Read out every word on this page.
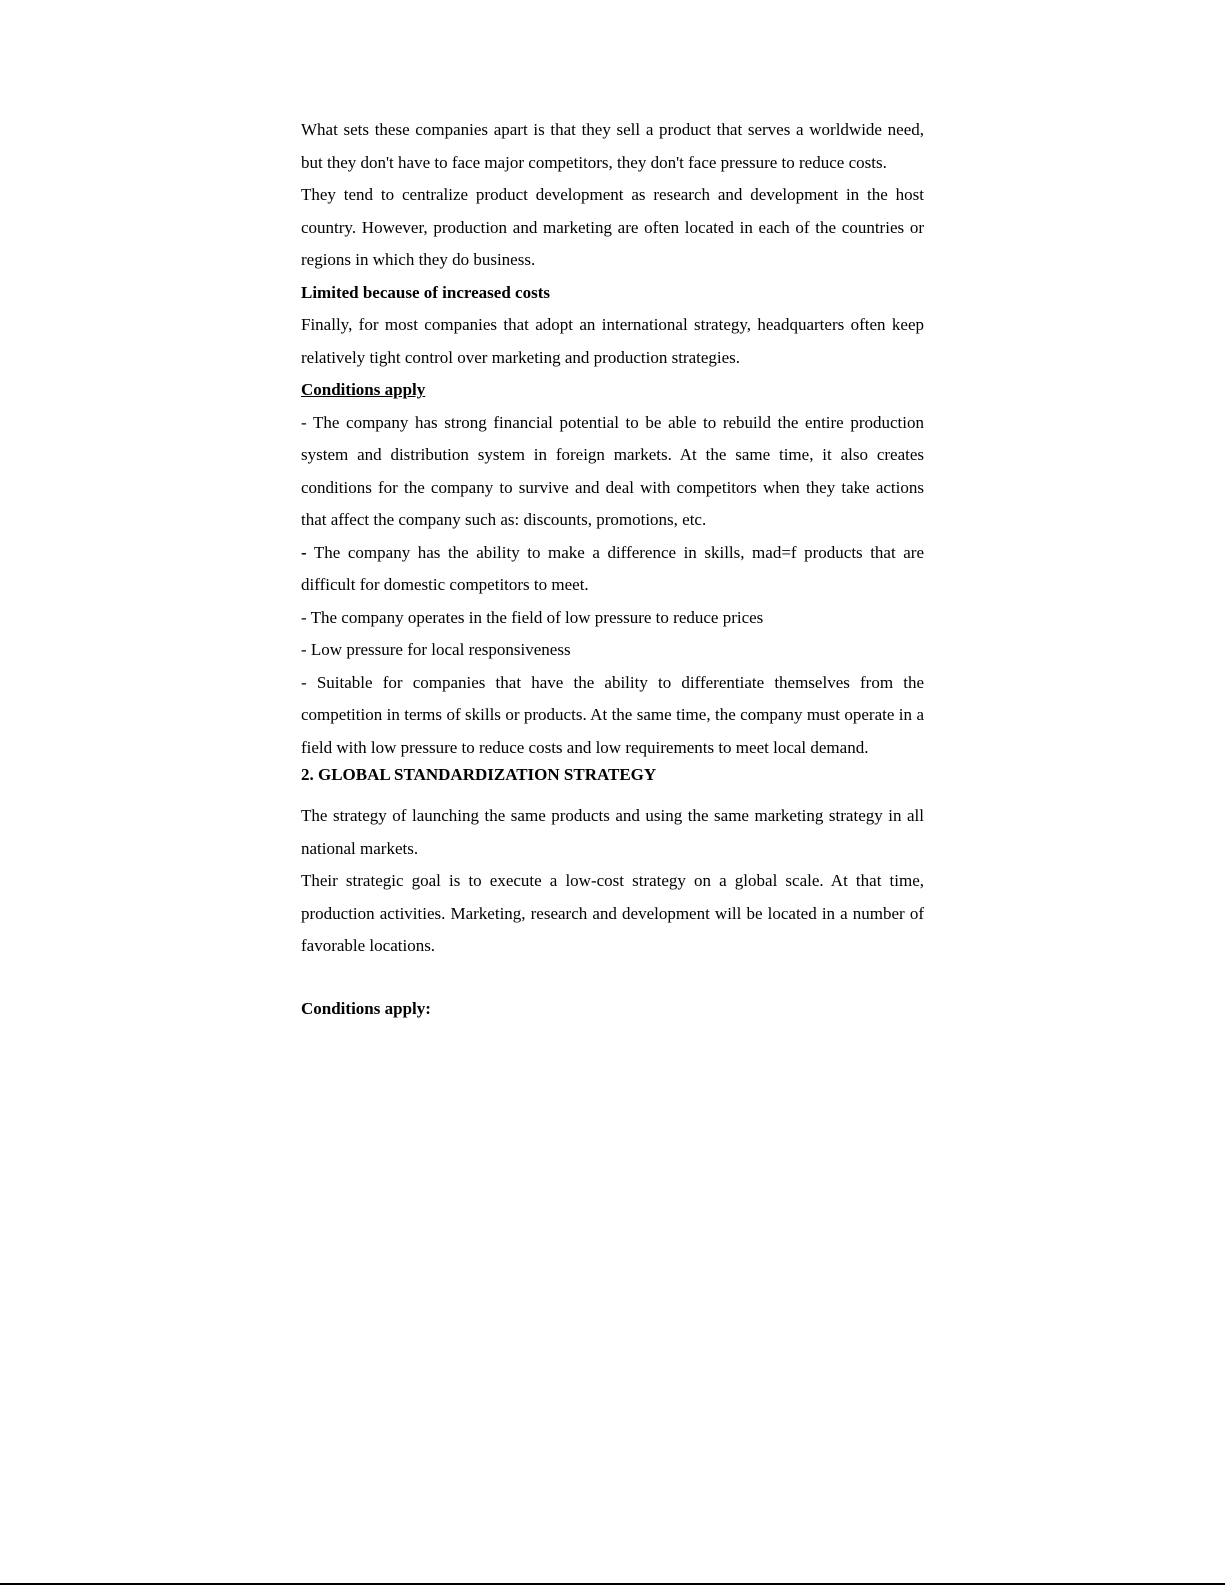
What sets these companies apart is that they sell a product that serves a worldwide need, but they don't have to face major competitors, they don't face pressure to reduce costs.

They tend to centralize product development as research and development in the host country. However, production and marketing are often located in each of the countries or regions in which they do business.

Limited because of increased costs

Finally, for most companies that adopt an international strategy, headquarters often keep relatively tight control over marketing and production strategies.

Conditions apply

- The company has strong financial potential to be able to rebuild the entire production system and distribution system in foreign markets. At the same time, it also creates conditions for the company to survive and deal with competitors when they take actions that affect the company such as: discounts, promotions, etc.

- The company has the ability to make a difference in skills, mad=f products that are difficult for domestic competitors to meet.

- The company operates in the field of low pressure to reduce prices

- Low pressure for local responsiveness

- Suitable for companies that have the ability to differentiate themselves from the competition in terms of skills or products. At the same time, the company must operate in a field with low pressure to reduce costs and low requirements to meet local demand.

2. GLOBAL STANDARDIZATION STRATEGY

The strategy of launching the same products and using the same marketing strategy in all national markets.

Their strategic goal is to execute a low-cost strategy on a global scale. At that time, production activities. Marketing, research and development will be located in a number of favorable locations.

Conditions apply:
